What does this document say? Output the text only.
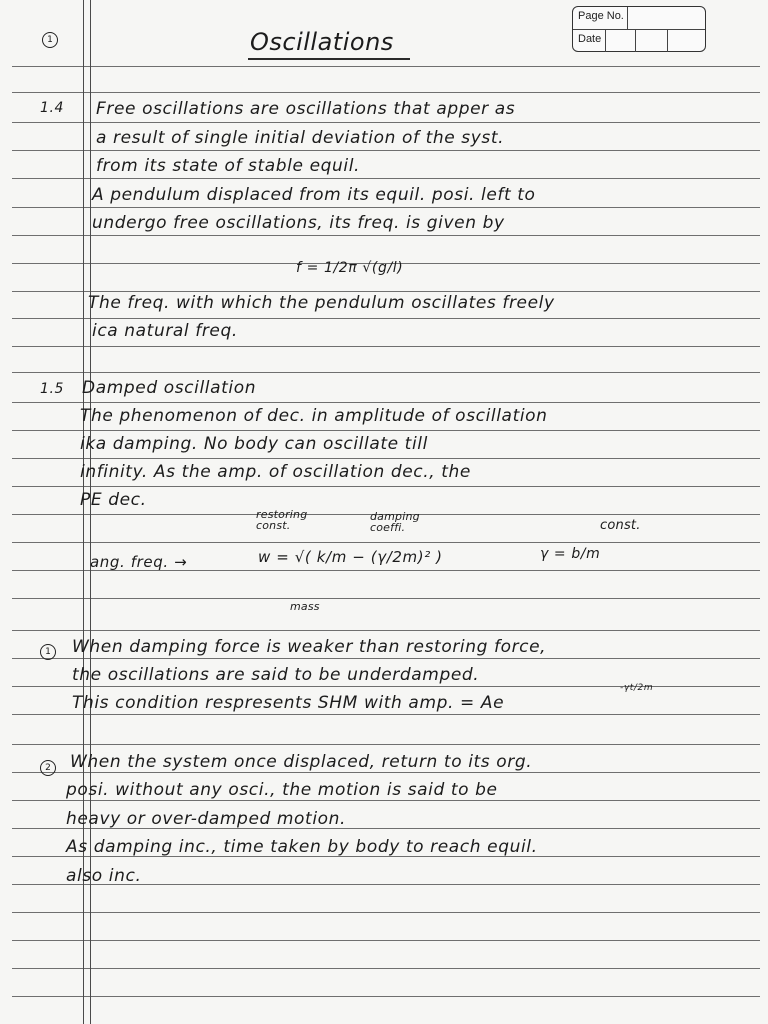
1	Oscillations
Page No.
Date
1.4 Free oscillations are oscillations that apper as
a result of single initial deviation of the syst.
from its state of stable equil.
A pendulum displaced from its equil. posi. left to
undergo free oscillations, its freq. is given by
f = 1/2π √(g/l)
The freq. with which the pendulum oscillates freely
ica natural freq.
1.5 Damped oscillation
The phenomenon of dec. in amplitude of oscillation
ika damping. No body can oscillate till
infinity. As the amp. of oscillation dec., the
PE dec.
restoring const.
damping coeffi.
ang. freq. →	w = √( k/m − (γ/2m)² )
mass
γ = b/m
const.
1	When damping force is weaker than restoring force,
the oscillations are said to be underdamped.
This condition respresents SHM with amp. = Ae
-γt/2m
2	When the system once displaced, return to its org.
posi. without any osci., the motion is said to be
heavy or over-damped motion.
As damping inc., time taken by body to reach equil.
also inc.
